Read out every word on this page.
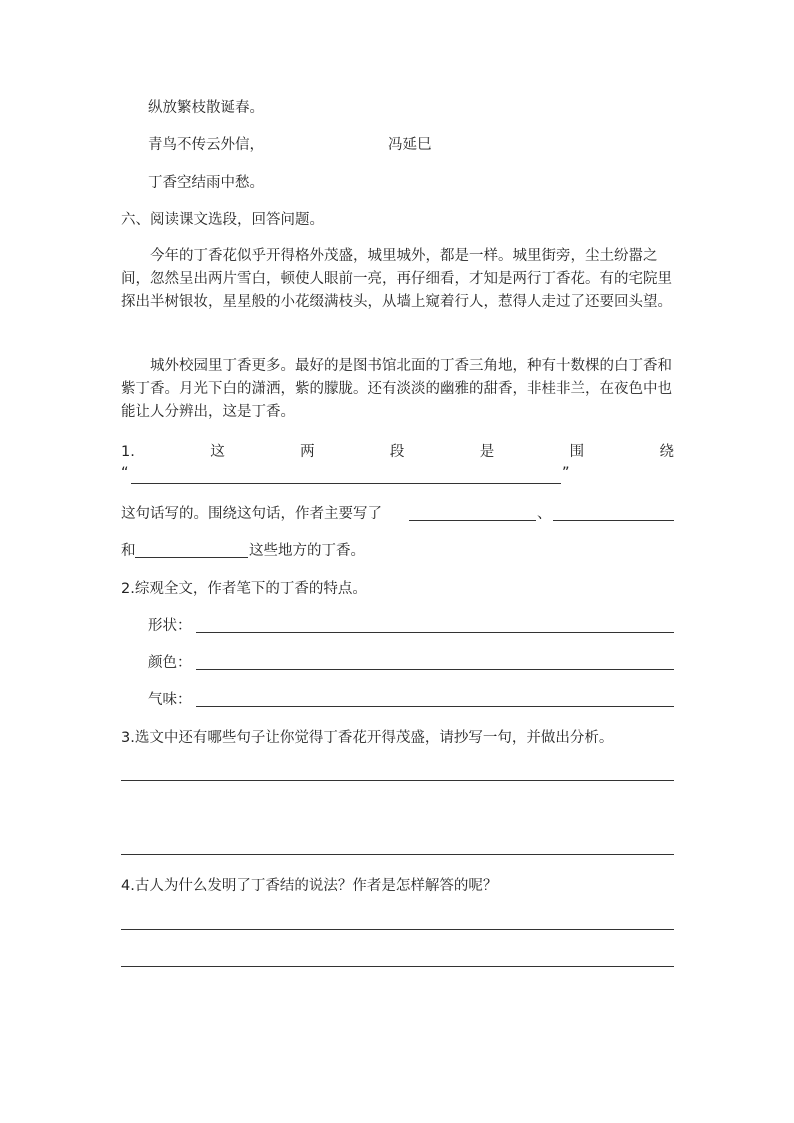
纵放繁枝散诞春。
青鸟不传云外信，	冯延巳
丁香空结雨中愁。
六、阅读课文选段，回答问题。
今年的丁香花似乎开得格外茂盛，城里城外，都是一样。城里街旁，尘土纷嚣之间，忽然呈出两片雪白，顿使人眼前一亮，再仔细看，才知是两行丁香花。有的宅院里探出半树银妆，星星般的小花缀满枝头，从墙上窥着行人，惹得人走过了还要回头望。
城外校园里丁香更多。最好的是图书馆北面的丁香三角地，种有十数棵的白丁香和紫丁香。月光下白的潇洒，紫的朦胧。还有淡淡的幽雅的甜香，非桂非兰，在夜色中也能让人分辨出，这是丁香。
1.	这	两	段	是	围	绕
“	”
这句话写的。围绕这句话，作者主要写了	、
和	这些地方的丁香。
2.综观全文，作者笔下的丁香的特点。
形状：
颜色：
气味：
3.选文中还有哪些句子让你觉得丁香花开得茂盛，请抄写一句，并做出分析。
4.古人为什么发明了丁香结的说法？作者是怎样解答的呢？
